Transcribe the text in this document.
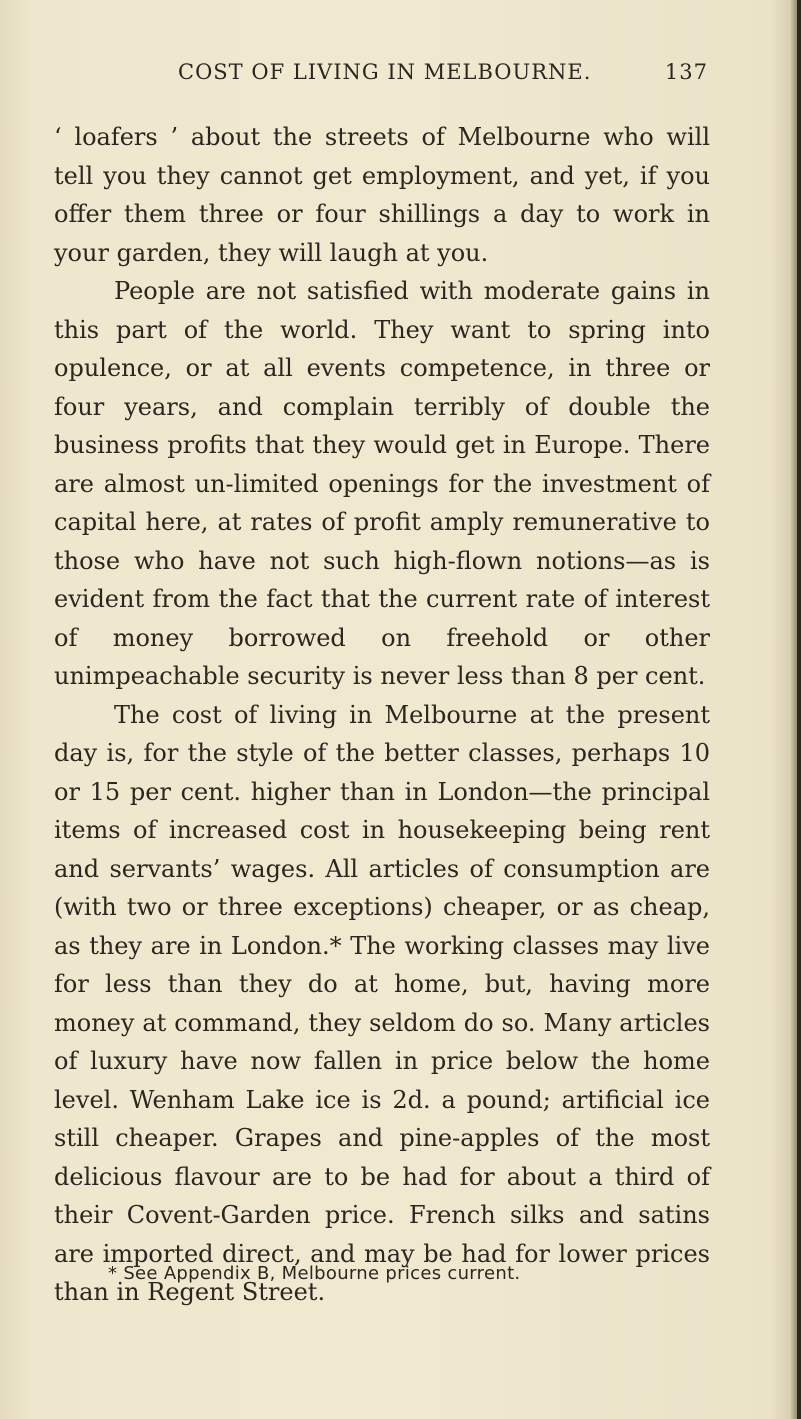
COST OF LIVING IN MELBOURNE.	137

‘ loafers ’ about the streets of Melbourne who will tell you they cannot get employment, and yet, if you offer them three or four shillings a day to work in your garden, they will laugh at you.

People are not satisfied with moderate gains in this part of the world. They want to spring into opulence, or at all events competence, in three or four years, and complain terribly of double the business profits that they would get in Europe. There are almost un-limited openings for the investment of capital here, at rates of profit amply remunerative to those who have not such high-flown notions—as is evident from the fact that the current rate of interest of money borrowed on freehold or other unimpeachable security is never less than 8 per cent.

The cost of living in Melbourne at the present day is, for the style of the better classes, perhaps 10 or 15 per cent. higher than in London—the principal items of increased cost in housekeeping being rent and servants’ wages. All articles of consumption are (with two or three exceptions) cheaper, or as cheap, as they are in London.* The working classes may live for less than they do at home, but, having more money at command, they seldom do so. Many articles of luxury have now fallen in price below the home level. Wenham Lake ice is 2d. a pound; artificial ice still cheaper. Grapes and pine-apples of the most delicious flavour are to be had for about a third of their Covent-Garden price. French silks and satins are imported direct, and may be had for lower prices than in Regent Street.

* See Appendix B, Melbourne prices current.
